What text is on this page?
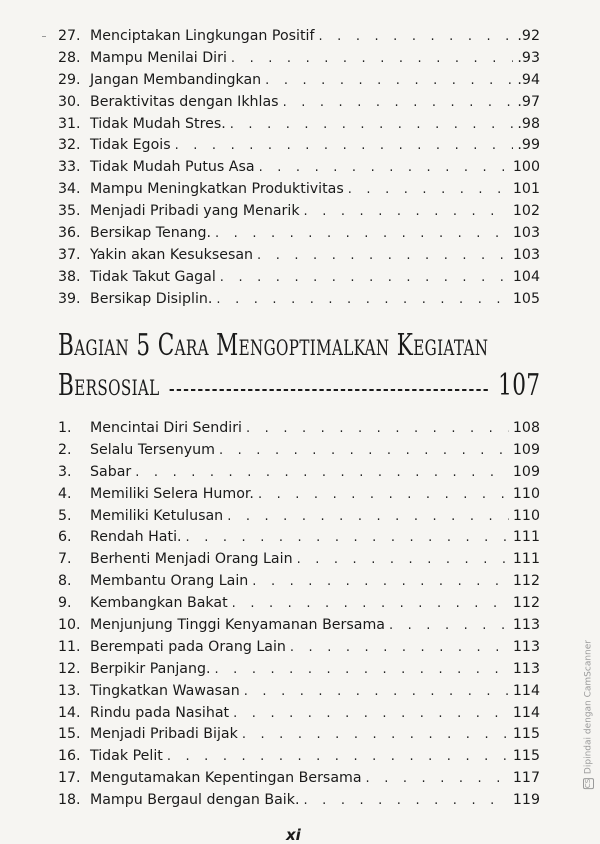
27. Menciptakan Lingkungan Positif . . .	.92
28. Mampu Menilai Diri . . .	.93
29. Jangan Membandingkan . . .	.94
30. Beraktivitas dengan Ikhlas . . .	.97
31. Tidak Mudah Stres. . . .	.98
32. Tidak Egois . . .	.99
33. Tidak Mudah Putus Asa . . .	100
34. Mampu Meningkatkan Produktivitas . . .	101
35. Menjadi Pribadi yang Menarik . . .	102
36. Bersikap Tenang. . . .	103
37. Yakin akan Kesuksesan . . .	103
38. Tidak Takut Gagal . . .	104
39. Bersikap Disiplin. . . .	105
Bagian 5 Cara Mengoptimalkan Kegiatan
Bersosial	107
1.	Mencintai Diri Sendiri . . .	108
2.	Selalu Tersenyum . . .	109
3.	Sabar . . .	109
4.	Memiliki Selera Humor. . . .	110
5.	Memiliki Ketulusan . . .	110
6.	Rendah Hati. . . .	111
7.	Berhenti Menjadi Orang Lain . . .	111
8.	Membantu Orang Lain . . .	112
9.	Kembangkan Bakat . . .	112
10. Menjunjung Tinggi Kenyamanan Bersama . . .	113
11. Berempati pada Orang Lain . . .	113
12. Berpikir Panjang. . . .	113
13. Tingkatkan Wawasan . . .	114
14. Rindu pada Nasihat . . .	114
15. Menjadi Pribadi Bijak . . .	115
16. Tidak Pelit . . .	115
17. Mengutamakan Kepentingan Bersama . . .	117
18. Mampu Bergaul dengan Baik. . . .	119
CS
Dipindai dengan CamScanner
xi
